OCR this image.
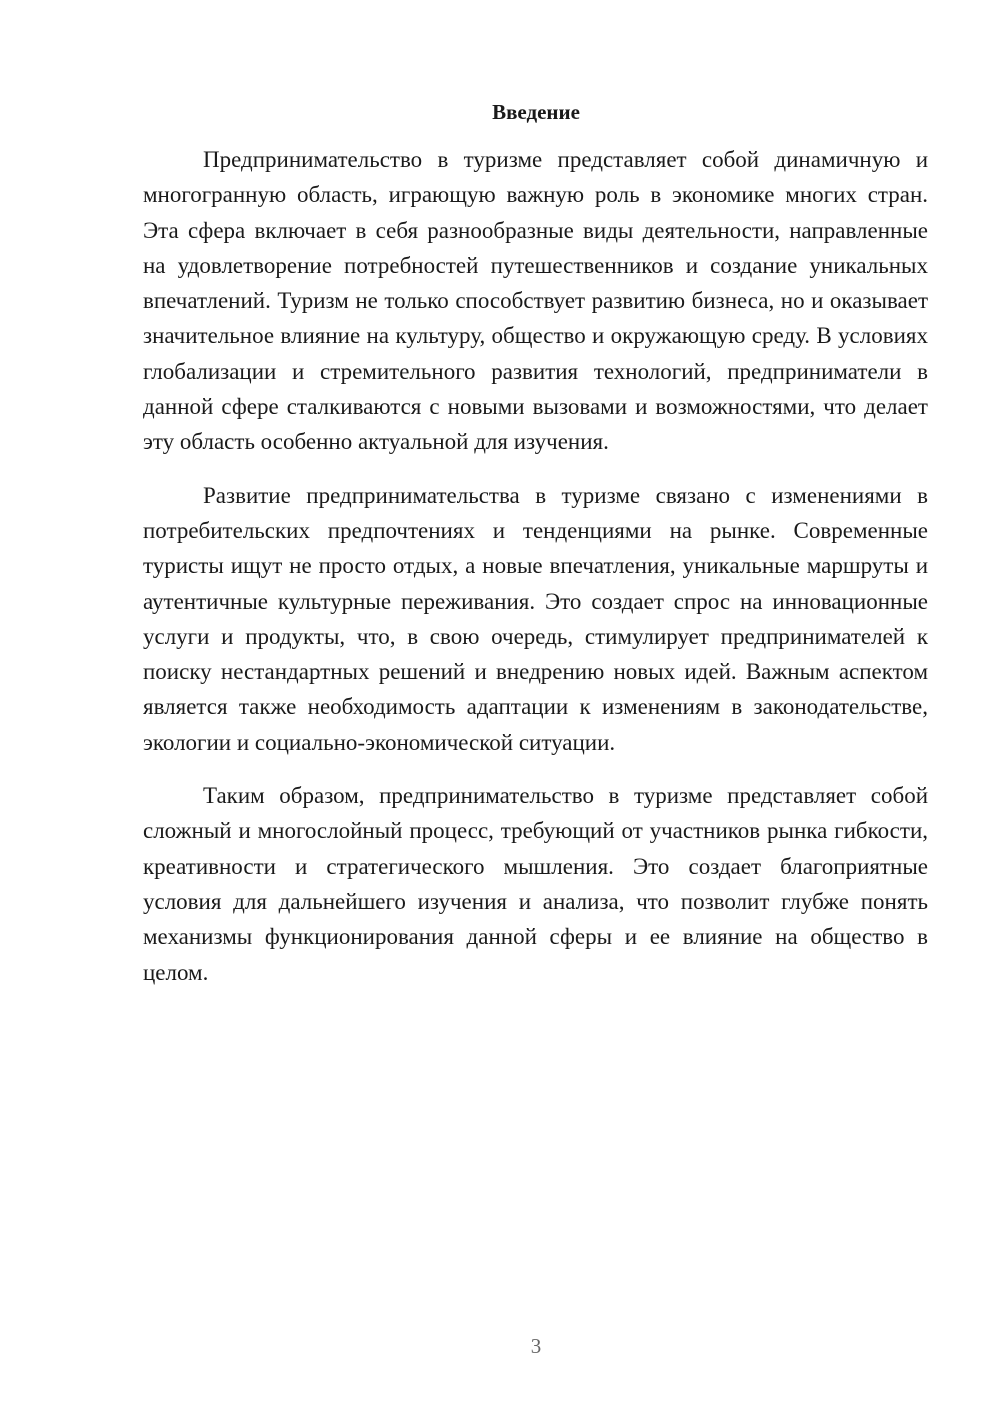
Введение

Предпринимательство в туризме представляет собой динамичную и многогранную область, играющую важную роль в экономике многих стран. Эта сфера включает в себя разнообразные виды деятельности, направленные на удовлетворение потребностей путешественников и создание уникальных впечатлений. Туризм не только способствует развитию бизнеса, но и оказывает значительное влияние на культуру, общество и окружающую среду. В условиях глобализации и стремительного развития технологий, предприниматели в данной сфере сталкиваются с новыми вызовами и возможностями, что делает эту область особенно актуальной для изучения.

Развитие предпринимательства в туризме связано с изменениями в потребительских предпочтениях и тенденциями на рынке. Современные туристы ищут не просто отдых, а новые впечатления, уникальные маршруты и аутентичные культурные переживания. Это создает спрос на инновационные услуги и продукты, что, в свою очередь, стимулирует предпринимателей к поиску нестандартных решений и внедрению новых идей. Важным аспектом является также необходимость адаптации к изменениям в законодательстве, экологии и социально-экономической ситуации.

Таким образом, предпринимательство в туризме представляет собой сложный и многослойный процесс, требующий от участников рынка гибкости, креативности и стратегического мышления. Это создает благоприятные условия для дальнейшего изучения и анализа, что позволит глубже понять механизмы функционирования данной сферы и ее влияние на общество в целом.

3
